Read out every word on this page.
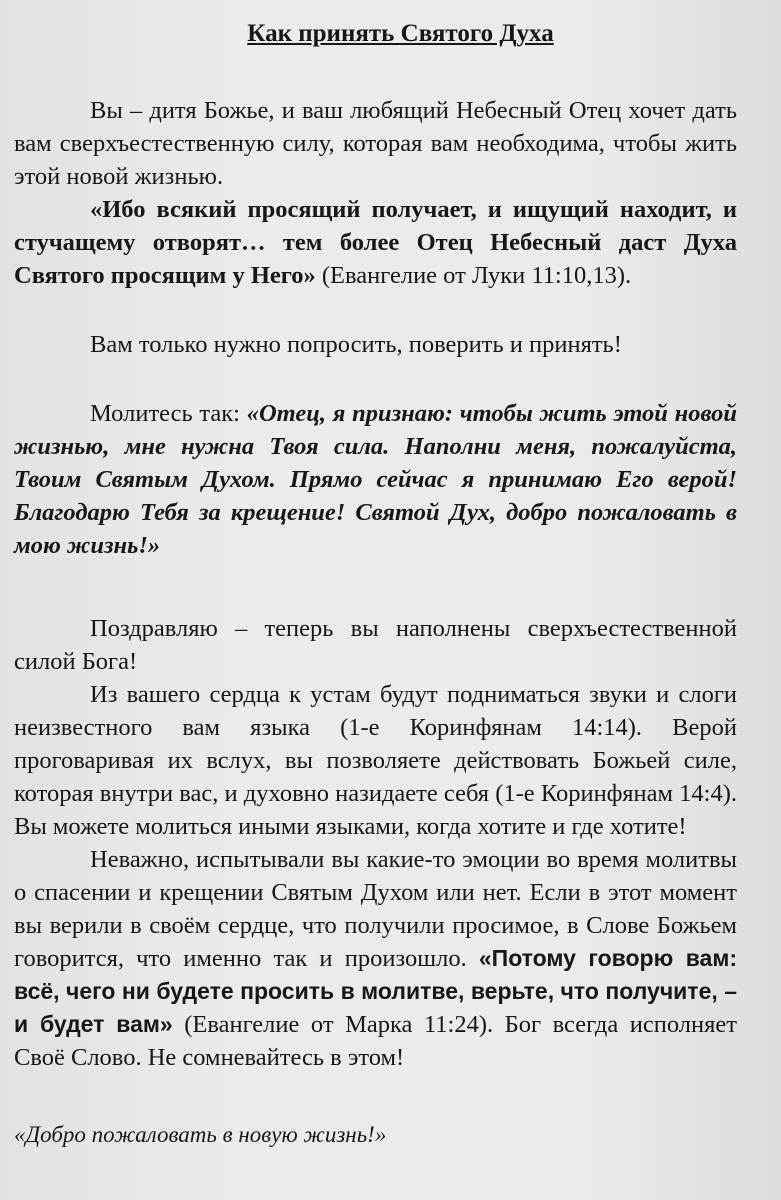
Как принять Святого Духа

Вы – дитя Божье, и ваш любящий Небесный Отец хочет дать вам сверхъестественную силу, которая вам необходима, чтобы жить этой новой жизнью.

«Ибо всякий просящий получает, и ищущий находит, и стучащему отворят… тем более Отец Небесный даст Духа Святого просящим у Него» (Евангелие от Луки 11:10,13).

Вам только нужно попросить, поверить и принять!

Молитесь так: «Отец, я признаю: чтобы жить этой новой жизнью, мне нужна Твоя сила. Наполни меня, пожалуйста, Твоим Святым Духом. Прямо сейчас я принимаю Его верой! Благодарю Тебя за крещение! Святой Дух, добро пожаловать в мою жизнь!»

Поздравляю – теперь вы наполнены сверхъестественной силой Бога!

Из вашего сердца к устам будут подниматься звуки и слоги неизвестного вам языка (1-е Коринфянам 14:14). Верой проговаривая их вслух, вы позволяете действовать Божьей силе, которая внутри вас, и духовно назидаете себя (1-е Коринфянам 14:4). Вы можете молиться иными языками, когда хотите и где хотите!

Неважно, испытывали вы какие-то эмоции во время молитвы о спасении и крещении Святым Духом или нет. Если в этот момент вы верили в своём сердце, что получили просимое, в Слове Божьем говорится, что именно так и произошло. «Потому говорю вам: всё, чего ни будете просить в молитве, верьте, что получите, – и будет вам» (Евангелие от Марка 11:24). Бог всегда исполняет Своё Слово. Не сомневайтесь в этом!

«Добро пожаловать в новую жизнь!»
